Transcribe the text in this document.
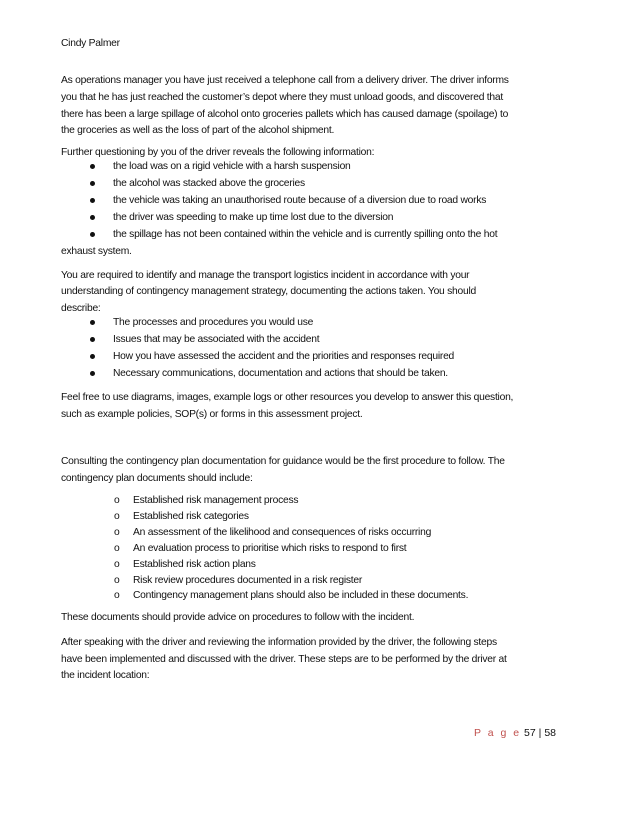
Cindy Palmer
As operations manager you have just received a telephone call from a delivery driver. The driver informs
you that he has just reached the customer’s depot where they must unload goods, and discovered that
there has been a large spillage of alcohol onto groceries pallets which has caused damage (spoilage) to
the groceries as well as the loss of part of the alcohol shipment.
Further questioning by you of the driver reveals the following information:
the load was on a rigid vehicle with a harsh suspension
the alcohol was stacked above the groceries
the vehicle was taking an unauthorised route because of a diversion due to road works
the driver was speeding to make up time lost due to the diversion
the spillage has not been contained within the vehicle and is currently spilling onto the hot
exhaust system.
You are required to identify and manage the transport logistics incident in accordance with your
understanding of contingency management strategy, documenting the actions taken. You should
describe:
The processes and procedures you would use
Issues that may be associated with the accident
How you have assessed the accident and the priorities and responses required
Necessary communications, documentation and actions that should be taken.
Feel free to use diagrams, images, example logs or other resources you develop to answer this question,
such as example policies, SOP(s) or forms in this assessment project.
Consulting the contingency plan documentation for guidance would be the first procedure to follow. The
contingency plan documents should include:
o Established risk management process
o Established risk categories
o An assessment of the likelihood and consequences of risks occurring
o An evaluation process to prioritise which risks to respond to first
o Established risk action plans
o Risk review procedures documented in a risk register
o Contingency management plans should also be included in these documents.
These documents should provide advice on procedures to follow with the incident.
After speaking with the driver and reviewing the information provided by the driver, the following steps
have been implemented and discussed with the driver. These steps are to be performed by the driver at
the incident location:
P a g e 57 | 58
